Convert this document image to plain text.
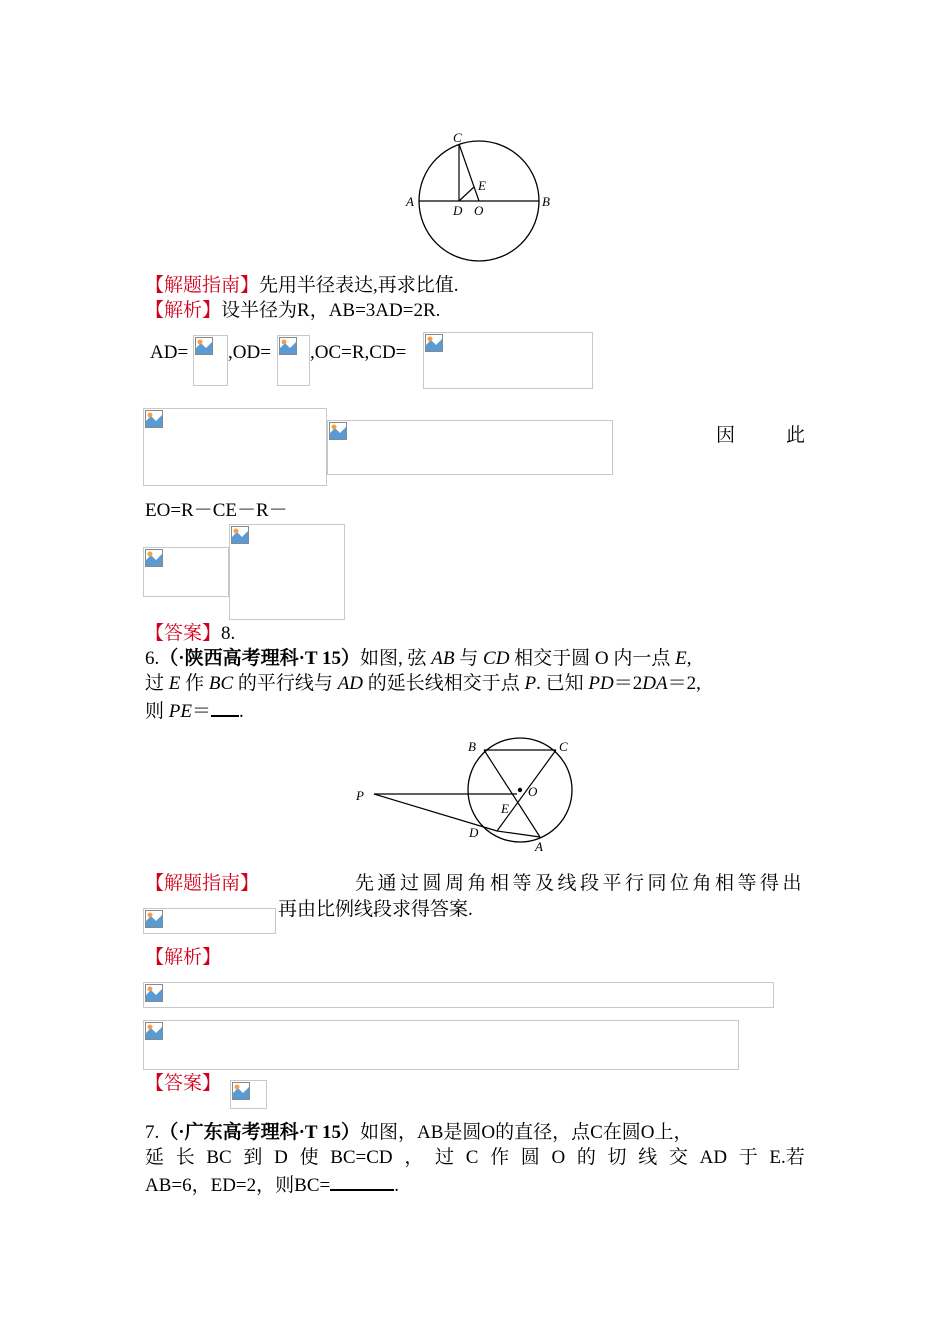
C
A	B
D O
E
【解题指南】先用半径表达,再求比值.
【解析】设半径为R，AB=3AD=2R.
AD= ,OD= ,OC=R,CD=
因	此
EO=R－CE－R－
【答案】8.
6.（·陕西高考理科·T 15）如图, 弦 AB 与 CD 相交于圆 O 内一点 E,
过 E 作 BC 的平行线与 AD 的延长线相交于点 P. 已知 PD＝2DA＝2,
则 PE＝ .
B	C
P	O
E
D
A
【解题指南】	先通过圆周角相等及线段平行同位角相等得出
再由比例线段求得答案.
【解析】
【答案】
7.（·广东高考理科·T 15）如图，AB是圆O的直径，点C在圆O上，
延 长 BC 到 D 使 BC=CD ， 过 C 作 圆 O 的 切 线 交 AD 于 E.若
AB=6，ED=2，则BC=	.
